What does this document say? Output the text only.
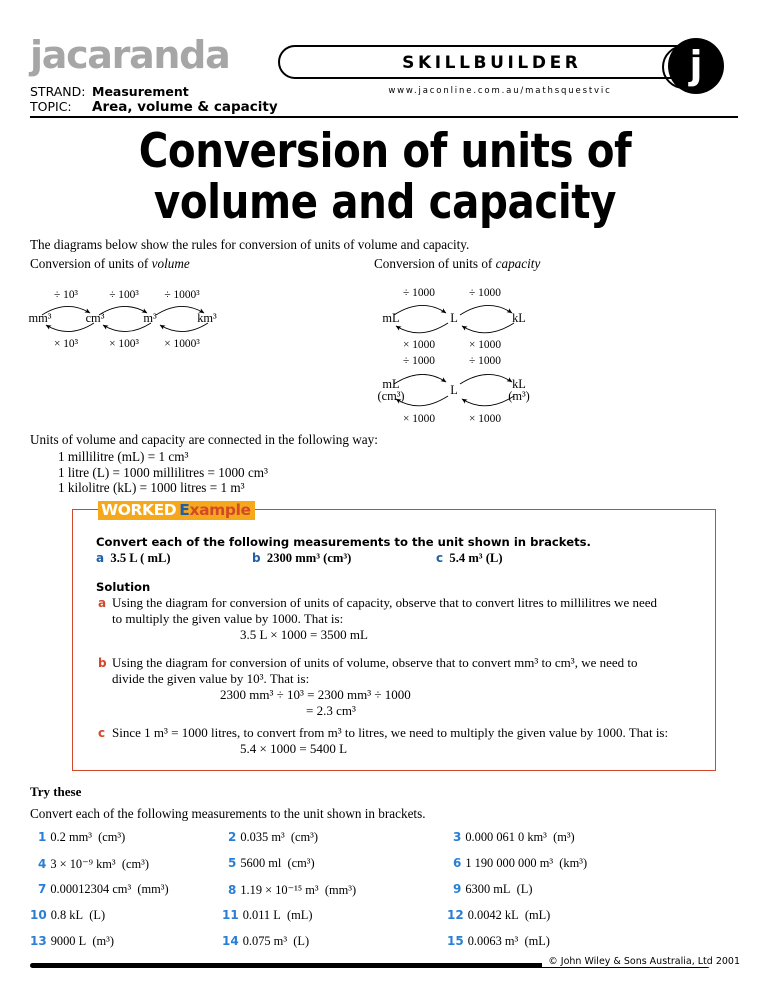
jacaranda
STRAND: Measurement
TOPIC: Area, volume & capacity
SKILLBUILDER
www.jaconline.com.au/mathsquestvic
j
Conversion of units of volume and capacity
The diagrams below show the rules for conversion of units of volume and capacity.
Conversion of units of volume	Conversion of units of capacity
mm³	cm³	m³	km³
÷ 10³	÷ 100³	÷ 1000³
× 10³	× 100³	× 1000³
mL	L	kL
÷ 1000	÷ 1000
× 1000	× 1000
mL
(cm³)	L	kL
(m³)
÷ 1000	÷ 1000
× 1000	× 1000
Units of volume and capacity are connected in the following way:
1 millilitre (mL) = 1 cm³
1 litre (L) = 1000 millilitres = 1000 cm³
1 kilolitre (kL) = 1000 litres = 1 m³
WORKED Example
Convert each of the following measurements to the unit shown in brackets.
a 3.5 L ( mL)	b 2300 mm³ (cm³)	c 5.4 m³ (L)
Solution
a Using the diagram for conversion of units of capacity, observe that to convert litres to millilitres we need
to multiply the given value by 1000. That is:
3.5 L × 1000 = 3500 mL
b Using the diagram for conversion of units of volume, observe that to convert mm³ to cm³, we need to
divide the given value by 10³. That is:
2300 mm³ ÷ 10³ = 2300 mm³ ÷ 1000
= 2.3 cm³
c Since 1 m³ = 1000 litres, to convert from m³ to litres, we need to multiply the given value by 1000. That is:
5.4 × 1000 = 5400 L
Try these
Convert each of the following measurements to the unit shown in brackets.
1 0.2 mm³ (cm³)	2 0.035 m³ (cm³)	3 0.000 061 0 km³ (m³)
4 3 × 10⁻⁹ km³ (cm³)	5 5600 ml (cm³)	6 1 190 000 000 m³ (km³)
7 0.00012304 cm³ (mm³)	8 1.19 × 10⁻¹⁵ m³ (mm³)	9 6300 mL (L)
10 0.8 kL (L)	11 0.011 L (mL)	12 0.0042 kL (mL)
13 9000 L (m³)	14 0.075 m³ (L)	15 0.0063 m³ (mL)
© John Wiley & Sons Australia, Ltd 2001
